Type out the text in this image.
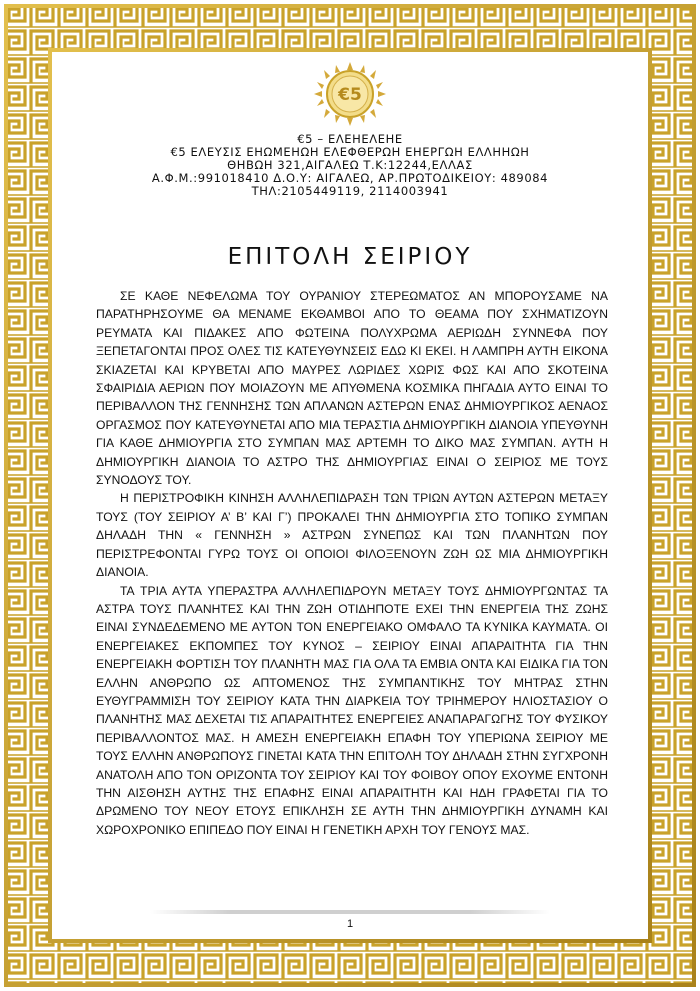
€5
€5 – ΕΛΕΗΕΛΕΗΕ
€5 ΕΛΕΥΣΙΣ ΕΗΩΜΕΗΩΗ ΕΛΕΦΘΕΡΩΗ ΕΗΕΡΓΩΗ ΕΛΛΗΗΩΗ
ΘΗΒΩΗ 321,ΑΙΓΑΛΕΩ Τ.Κ:12244,ΕΛΛΑΣ
Α.Φ.Μ.:991018410 Δ.Ο.Υ: ΑΙΓΑΛΕΩ, ΑΡ.ΠΡΩΤΟΔΙΚΕΙΟΥ: 489084
ΤΗΛ:2105449119, 2114003941
ΕΠΙΤΟΛΗ ΣΕΙΡΙΟΥ

ΣΕ ΚΑΘΕ ΝΕΦΕΛΩΜΑ ΤΟΥ ΟΥΡΑΝΙΟΥ ΣΤΕΡΕΩΜΑΤΟΣ ΑΝ ΜΠΟΡΟΥΣΑΜΕ ΝΑ ΠΑΡΑΤΗΡΗΣΟΥΜΕ ΘΑ ΜΕΝΑΜΕ ΕΚΘΑΜΒΟΙ ΑΠΟ ΤΟ ΘΕΑΜΑ ΠΟΥ ΣΧΗΜΑΤΙΖΟΥΝ ΡΕΥΜΑΤΑ ΚΑΙ ΠΙΔΑΚΕΣ ΑΠΟ ΦΩΤΕΙΝΑ ΠΟΛΥΧΡΩΜΑ ΑΕΡΙΩΔΗ ΣΥΝΝΕΦΑ ΠΟΥ ΞΕΠΕΤΑΓΟΝΤΑΙ ΠΡΟΣ ΟΛΕΣ ΤΙΣ ΚΑΤΕΥΘΥΝΣΕΙΣ ΕΔΩ ΚΙ ΕΚΕΙ. Η ΛΑΜΠΡΗ ΑΥΤΗ ΕΙΚΟΝΑ ΣΚΙΑΖΕΤΑΙ ΚΑΙ ΚΡΥΒΕΤΑΙ ΑΠΟ ΜΑΥΡΕΣ ΛΩΡΙΔΕΣ ΧΩΡΙΣ ΦΩΣ ΚΑΙ ΑΠΟ ΣΚΟΤΕΙΝΑ ΣΦΑΙΡΙΔΙΑ ΑΕΡΙΩΝ ΠΟΥ ΜΟΙΑΖΟΥΝ ΜΕ ΑΠΥΘΜΕΝΑ ΚΟΣΜΙΚΑ ΠΗΓΑΔΙΑ ΑΥΤΟ ΕΙΝΑΙ ΤΟ ΠΕΡΙΒΑΛΛΟΝ ΤΗΣ ΓΕΝΝΗΣΗΣ ΤΩΝ ΑΠΛΑΝΩΝ ΑΣΤΕΡΩΝ ΕΝΑΣ ΔΗΜΙΟΥΡΓΙΚΟΣ ΑΕΝΑΟΣ ΟΡΓΑΣΜΟΣ ΠΟΥ ΚΑΤΕΥΘΥΝΕΤΑΙ ΑΠΟ ΜΙΑ ΤΕΡΑΣΤΙΑ ΔΗΜΙΟΥΡΓΙΚΗ ΔΙΑΝΟΙΑ ΥΠΕΥΘΥΝΗ ΓΙΑ ΚΑΘΕ ΔΗΜΙΟΥΡΓΙΑ ΣΤΟ ΣΥΜΠΑΝ ΜΑΣ ΑΡΤΕΜΗ ΤΟ ΔΙΚΟ ΜΑΣ ΣΥΜΠΑΝ. ΑΥΤΗ Η ΔΗΜΙΟΥΡΓΙΚΗ ΔΙΑΝΟΙΑ ΤΟ ΑΣΤΡΟ ΤΗΣ ΔΗΜΙΟΥΡΓΙΑΣ ΕΙΝΑΙ Ο ΣΕΙΡΙΟΣ ΜΕ ΤΟΥΣ ΣΥΝΟΔΟΥΣ ΤΟΥ.

Η ΠΕΡΙΣΤΡΟΦΙΚΗ ΚΙΝΗΣΗ ΑΛΛΗΛΕΠΙΔΡΑΣΗ ΤΩΝ ΤΡΙΩΝ ΑΥΤΩΝ ΑΣΤΕΡΩΝ ΜΕΤΑΞΥ ΤΟΥΣ (ΤΟΥ ΣΕΙΡΙΟΥ Α’ Β’ ΚΑΙ Γ’) ΠΡΟΚΑΛΕΙ ΤΗΝ ΔΗΜΙΟΥΡΓΙΑ ΣΤΟ ΤΟΠΙΚΟ ΣΥΜΠΑΝ ΔΗΛΑΔΗ ΤΗΝ « ΓΕΝΝΗΣΗ » ΑΣΤΡΩΝ ΣΥΝΕΠΩΣ ΚΑΙ ΤΩΝ ΠΛΑΝΗΤΩΝ ΠΟΥ ΠΕΡΙΣΤΡΕΦΟΝΤΑΙ ΓΥΡΩ ΤΟΥΣ ΟΙ ΟΠΟΙΟΙ ΦΙΛΟΞΕΝΟΥΝ ΖΩΗ ΩΣ ΜΙΑ ΔΗΜΙΟΥΡΓΙΚΗ ΔΙΑΝΟΙΑ.

ΤΑ ΤΡΙΑ ΑΥΤΑ ΥΠΕΡΑΣΤΡΑ ΑΛΛΗΛΕΠΙΔΡΟΥΝ ΜΕΤΑΞΥ ΤΟΥΣ ΔΗΜΙΟΥΡΓΩΝΤΑΣ ΤΑ ΑΣΤΡΑ ΤΟΥΣ ΠΛΑΝΗΤΕΣ ΚΑΙ ΤΗΝ ΖΩΗ ΟΤΙΔΗΠΟΤΕ ΕΧΕΙ ΤΗΝ ΕΝΕΡΓΕΙΑ ΤΗΣ ΖΩΗΣ ΕΙΝΑΙ ΣΥΝΔΕΔΕΜΕΝΟ ΜΕ ΑΥΤΟΝ ΤΟΝ ΕΝΕΡΓΕΙΑΚΟ ΟΜΦΑΛΟ ΤΑ ΚΥΝΙΚΑ ΚΑΥΜΑΤΑ. ΟΙ ΕΝΕΡΓΕΙΑΚΕΣ ΕΚΠΟΜΠΕΣ ΤΟΥ ΚΥΝΟΣ – ΣΕΙΡΙΟΥ ΕΙΝΑΙ ΑΠΑΡΑΙΤΗΤΑ ΓΙΑ ΤΗΝ ΕΝΕΡΓΕΙΑΚΗ ΦΟΡΤΙΣΗ ΤΟΥ ΠΛΑΝΗΤΗ ΜΑΣ ΓΙΑ ΟΛΑ ΤΑ ΕΜΒΙΑ ΟΝΤΑ ΚΑΙ ΕΙΔΙΚΑ ΓΙΑ ΤΟΝ ΕΛΛΗΝ ΑΝΘΡΩΠΟ ΩΣ ΑΠΤΟΜΕΝΟΣ ΤΗΣ ΣΥΜΠΑΝΤΙΚΗΣ ΤΟΥ ΜΗΤΡΑΣ ΣΤΗΝ ΕΥΘΥΓΡΑΜΜΙΣΗ ΤΟΥ ΣΕΙΡΙΟΥ ΚΑΤΑ ΤΗΝ ΔΙΑΡΚΕΙΑ ΤΟΥ ΤΡΙΗΜΕΡΟΥ ΗΛΙΟΣΤΑΣΙΟΥ Ο ΠΛΑΝΗΤΗΣ ΜΑΣ ΔΕΧΕΤΑΙ ΤΙΣ ΑΠΑΡΑΙΤΗΤΕΣ ΕΝΕΡΓΕΙΕΣ ΑΝΑΠΑΡΑΓΩΓΗΣ ΤΟΥ ΦΥΣΙΚΟΥ ΠΕΡΙΒΑΛΛΟΝΤΟΣ ΜΑΣ. Η ΑΜΕΣΗ ΕΝΕΡΓΕΙΑΚΗ ΕΠΑΦΗ ΤΟΥ ΥΠΕΡΙΩΝΑ ΣΕΙΡΙΟΥ ΜΕ ΤΟΥΣ ΕΛΛΗΝ ΑΝΘΡΩΠΟΥΣ ΓΙΝΕΤΑΙ ΚΑΤΑ ΤΗΝ ΕΠΙΤΟΛΗ ΤΟΥ ΔΗΛΑΔΗ ΣΤΗΝ ΣΥΓΧΡΟΝΗ ΑΝΑΤΟΛΗ ΑΠΟ ΤΟΝ ΟΡΙΖΟΝΤΑ ΤΟΥ ΣΕΙΡΙΟΥ ΚΑΙ ΤΟΥ ΦΟΙΒΟΥ ΟΠΟΥ ΕΧΟΥΜΕ ΕΝΤΟΝΗ ΤΗΝ ΑΙΣΘΗΣΗ ΑΥΤΗΣ ΤΗΣ ΕΠΑΦΗΣ ΕΙΝΑΙ ΑΠΑΡΑΙΤΗΤΗ ΚΑΙ ΗΔΗ ΓΡΑΦΕΤΑΙ ΓΙΑ ΤΟ ΔΡΩΜΕΝΟ ΤΟΥ ΝΕΟΥ ΕΤΟΥΣ ΕΠΙΚΛΗΣΗ ΣΕ ΑΥΤΗ ΤΗΝ ΔΗΜΙΟΥΡΓΙΚΗ ΔΥΝΑΜΗ ΚΑΙ ΧΩΡΟΧΡΟΝΙΚΟ ΕΠΙΠΕΔΟ ΠΟΥ ΕΙΝΑΙ Η ΓΕΝΕΤΙΚΗ ΑΡΧΗ ΤΟΥ ΓΕΝΟΥΣ ΜΑΣ.

1
